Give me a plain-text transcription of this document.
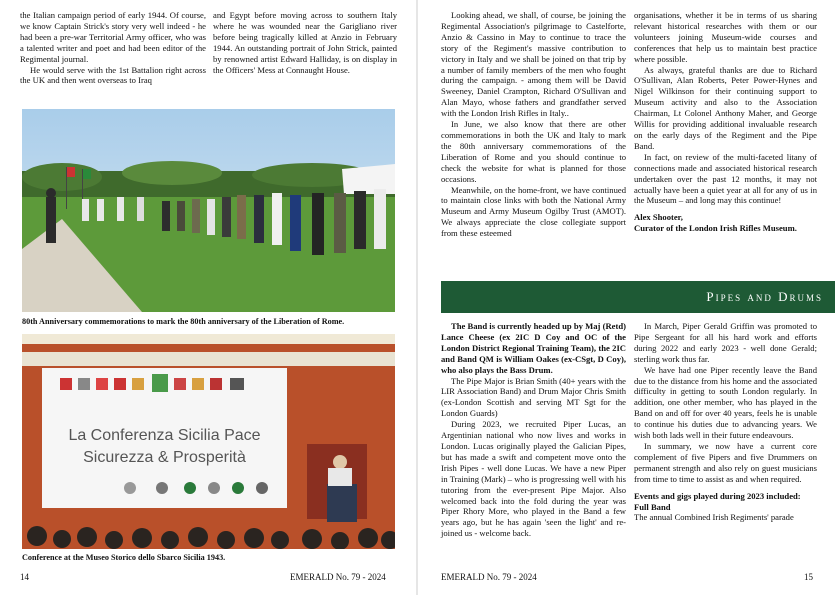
the Italian campaign period of early 1944. Of course, we know Captain Strick's story very well indeed - he had been a pre-war Territorial Army officer, who was a talented writer and poet and had been editor of the Regimental journal.

He would serve with the 1st Battalion right across the UK and then went overseas to Iraq

and Egypt before moving across to southern Italy where he was wounded near the Garigliano river before being tragically killed at Anzio in February 1944. An outstanding portrait of John Strick, painted by renowned artist Edward Halliday, is on display in the Officers' Mess at Connaught House.

80th Anniversary commemorations to mark the 80th anniversary of the Liberation of Rome.
La Conferenza Sicilia Pace
Sicurezza & Prosperità
Conference at the Museo Storico dello Sbarco Sicilia 1943.
14	EMERALD No. 79 - 2024

Looking ahead, we shall, of course, be joining the Regimental Association's pilgrimage to Castelforte, Anzio & Cassino in May to continue to trace the story of the Regiment's massive contribution to victory in Italy and we shall be joined on that trip by a number of family members of the men who fought during the campaign. - among them will be David Sweeney, Daniel Crampton, Richard O'Sullivan and Alan Mayo, whose fathers and grandfather served with the London Irish Rifles in Italy..

In June, we also know that there are other commemorations in both the UK and Italy to mark the 80th anniversary commemorations of the Liberation of Rome and you should continue to check the website for what is planned for those occasions.

Meanwhile, on the home-front, we have continued to maintain close links with both the National Army Museum and Army Museum Ogilby Trust (AMOT). We always appreciate the close collegiate support from these esteemed

organisations, whether it be in terms of us sharing relevant historical researches with them or our volunteers joining Museum-wide courses and conferences that help us to maintain best practice where possible.

As always, grateful thanks are due to Richard O'Sullivan, Alan Roberts, Peter Power-Hynes and Nigel Wilkinson for their continuing support to Museum activity and also to the Association Chairman, Lt Colonel Anthony Maher, and George Willis for providing additional invaluable research on the early days of the Regiment and the Pipe Band.

In fact, on review of the multi-faceted litany of connections made and associated historical research undertaken over the past 12 months, it may not actually have been a quiet year at all for any of us in the Museum – and long may this continue!

Alex Shooter,

Curator of the London Irish Rifles Museum.

Pipes and Drums

The Band is currently headed up by Maj (Retd) Lance Cheese (ex 2IC D Coy and OC of the London District Regional Training Team), the 2IC and Band QM is William Oakes (ex-CSgt, D Coy), who also plays the Bass Drum.

The Pipe Major is Brian Smith (40+ years with the LIR Association Band) and Drum Major Chris Smith (ex-London Scottish and serving MT Sgt for the London Guards)

During 2023, we recruited Piper Lucas, an Argentinian national who now lives and works in London. Lucas originally played the Galician Pipes, but has made a swift and competent move onto the Irish Pipes - well done Lucas. We have a new Piper in Training (Mark) – who is progressing well with his tutoring from the ever-present Pipe Major. Also welcomed back into the fold during the year was Piper Rhory More, who played in the Band a few years ago, but he has again 'seen the light' and re-joined us - welcome back.

In March, Piper Gerald Griffin was promoted to Pipe Sergeant for all his hard work and efforts during 2022 and early 2023 - well done Gerald; sterling work thus far.

We have had one Piper recently leave the Band due to the distance from his home and the associated difficulty in getting to south London regularly. In addition, one other member, who has played in the Band on and off for over 40 years, feels he is unable to continue his duties due to advancing years. We wish both lads well in their future endeavours.

In summary, we now have a current core complement of five Pipers and five Drummers on permanent strength and also rely on guest musicians from time to time to assist as and when required.

Events and gigs played during 2023 included:

Full Band

The annual Combined Irish Regiments' parade

EMERALD No. 79 - 2024	15
